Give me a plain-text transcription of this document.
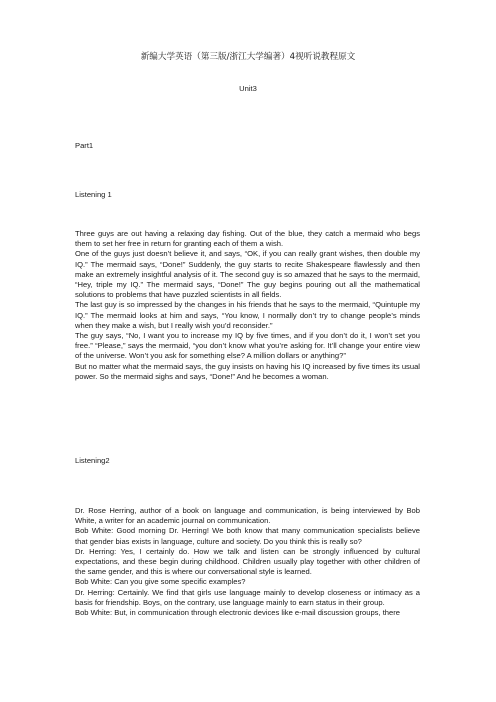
新编大学英语（第三版/浙江大学编著）4视听说教程原文
Unit3
Part1
Listening 1

Three guys are out having a relaxing day fishing. Out of the blue, they catch a mermaid who begs them to set her free in return for granting each of them a wish.

One of the guys just doesn’t believe it, and says, “OK, if you can really grant wishes, then double my IQ.” The mermaid says, “Done!” Suddenly, the guy starts to recite Shakespeare flawlessly and then make an extremely insightful analysis of it. The second guy is so amazed that he says to the mermaid, “Hey, triple my IQ.” The mermaid says, “Done!” The guy begins pouring out all the mathematical solutions to problems that have puzzled scientists in all fields.

The last guy is so impressed by the changes in his friends that he says to the mermaid, “Quintuple my IQ.” The mermaid looks at him and says, “You know, I normally don’t try to change people’s minds when they make a wish, but I really wish you’d reconsider.”

The guy says, “No, I want you to increase my IQ by five times, and if you don’t do it, I won’t set you free.” “Please,” says the mermaid, “you don’t know what you’re asking for. It’ll change your entire view of the universe. Won’t you ask for something else? A million dollars or anything?”

But no matter what the mermaid says, the guy insists on having his IQ increased by five times its usual power. So the mermaid sighs and says, “Done!” And he becomes a woman.

Listening2

Dr. Rose Herring, author of a book on language and communication, is being interviewed by Bob White, a writer for an academic journal on communication.

Bob White: Good morning Dr. Herring! We both know that many communication specialists believe that gender bias exists in language, culture and society. Do you think this is really so?

Dr. Herring: Yes, I certainly do. How we talk and listen can be strongly influenced by cultural expectations, and these begin during childhood. Children usually play together with other children of the same gender, and this is where our conversational style is learned.

Bob White: Can you give some specific examples?

Dr. Herring: Certainly. We find that girls use language mainly to develop closeness or intimacy as a basis for friendship. Boys, on the contrary, use language mainly to earn status in their group.

Bob White: But, in communication through electronic devices like e-mail discussion groups, there
